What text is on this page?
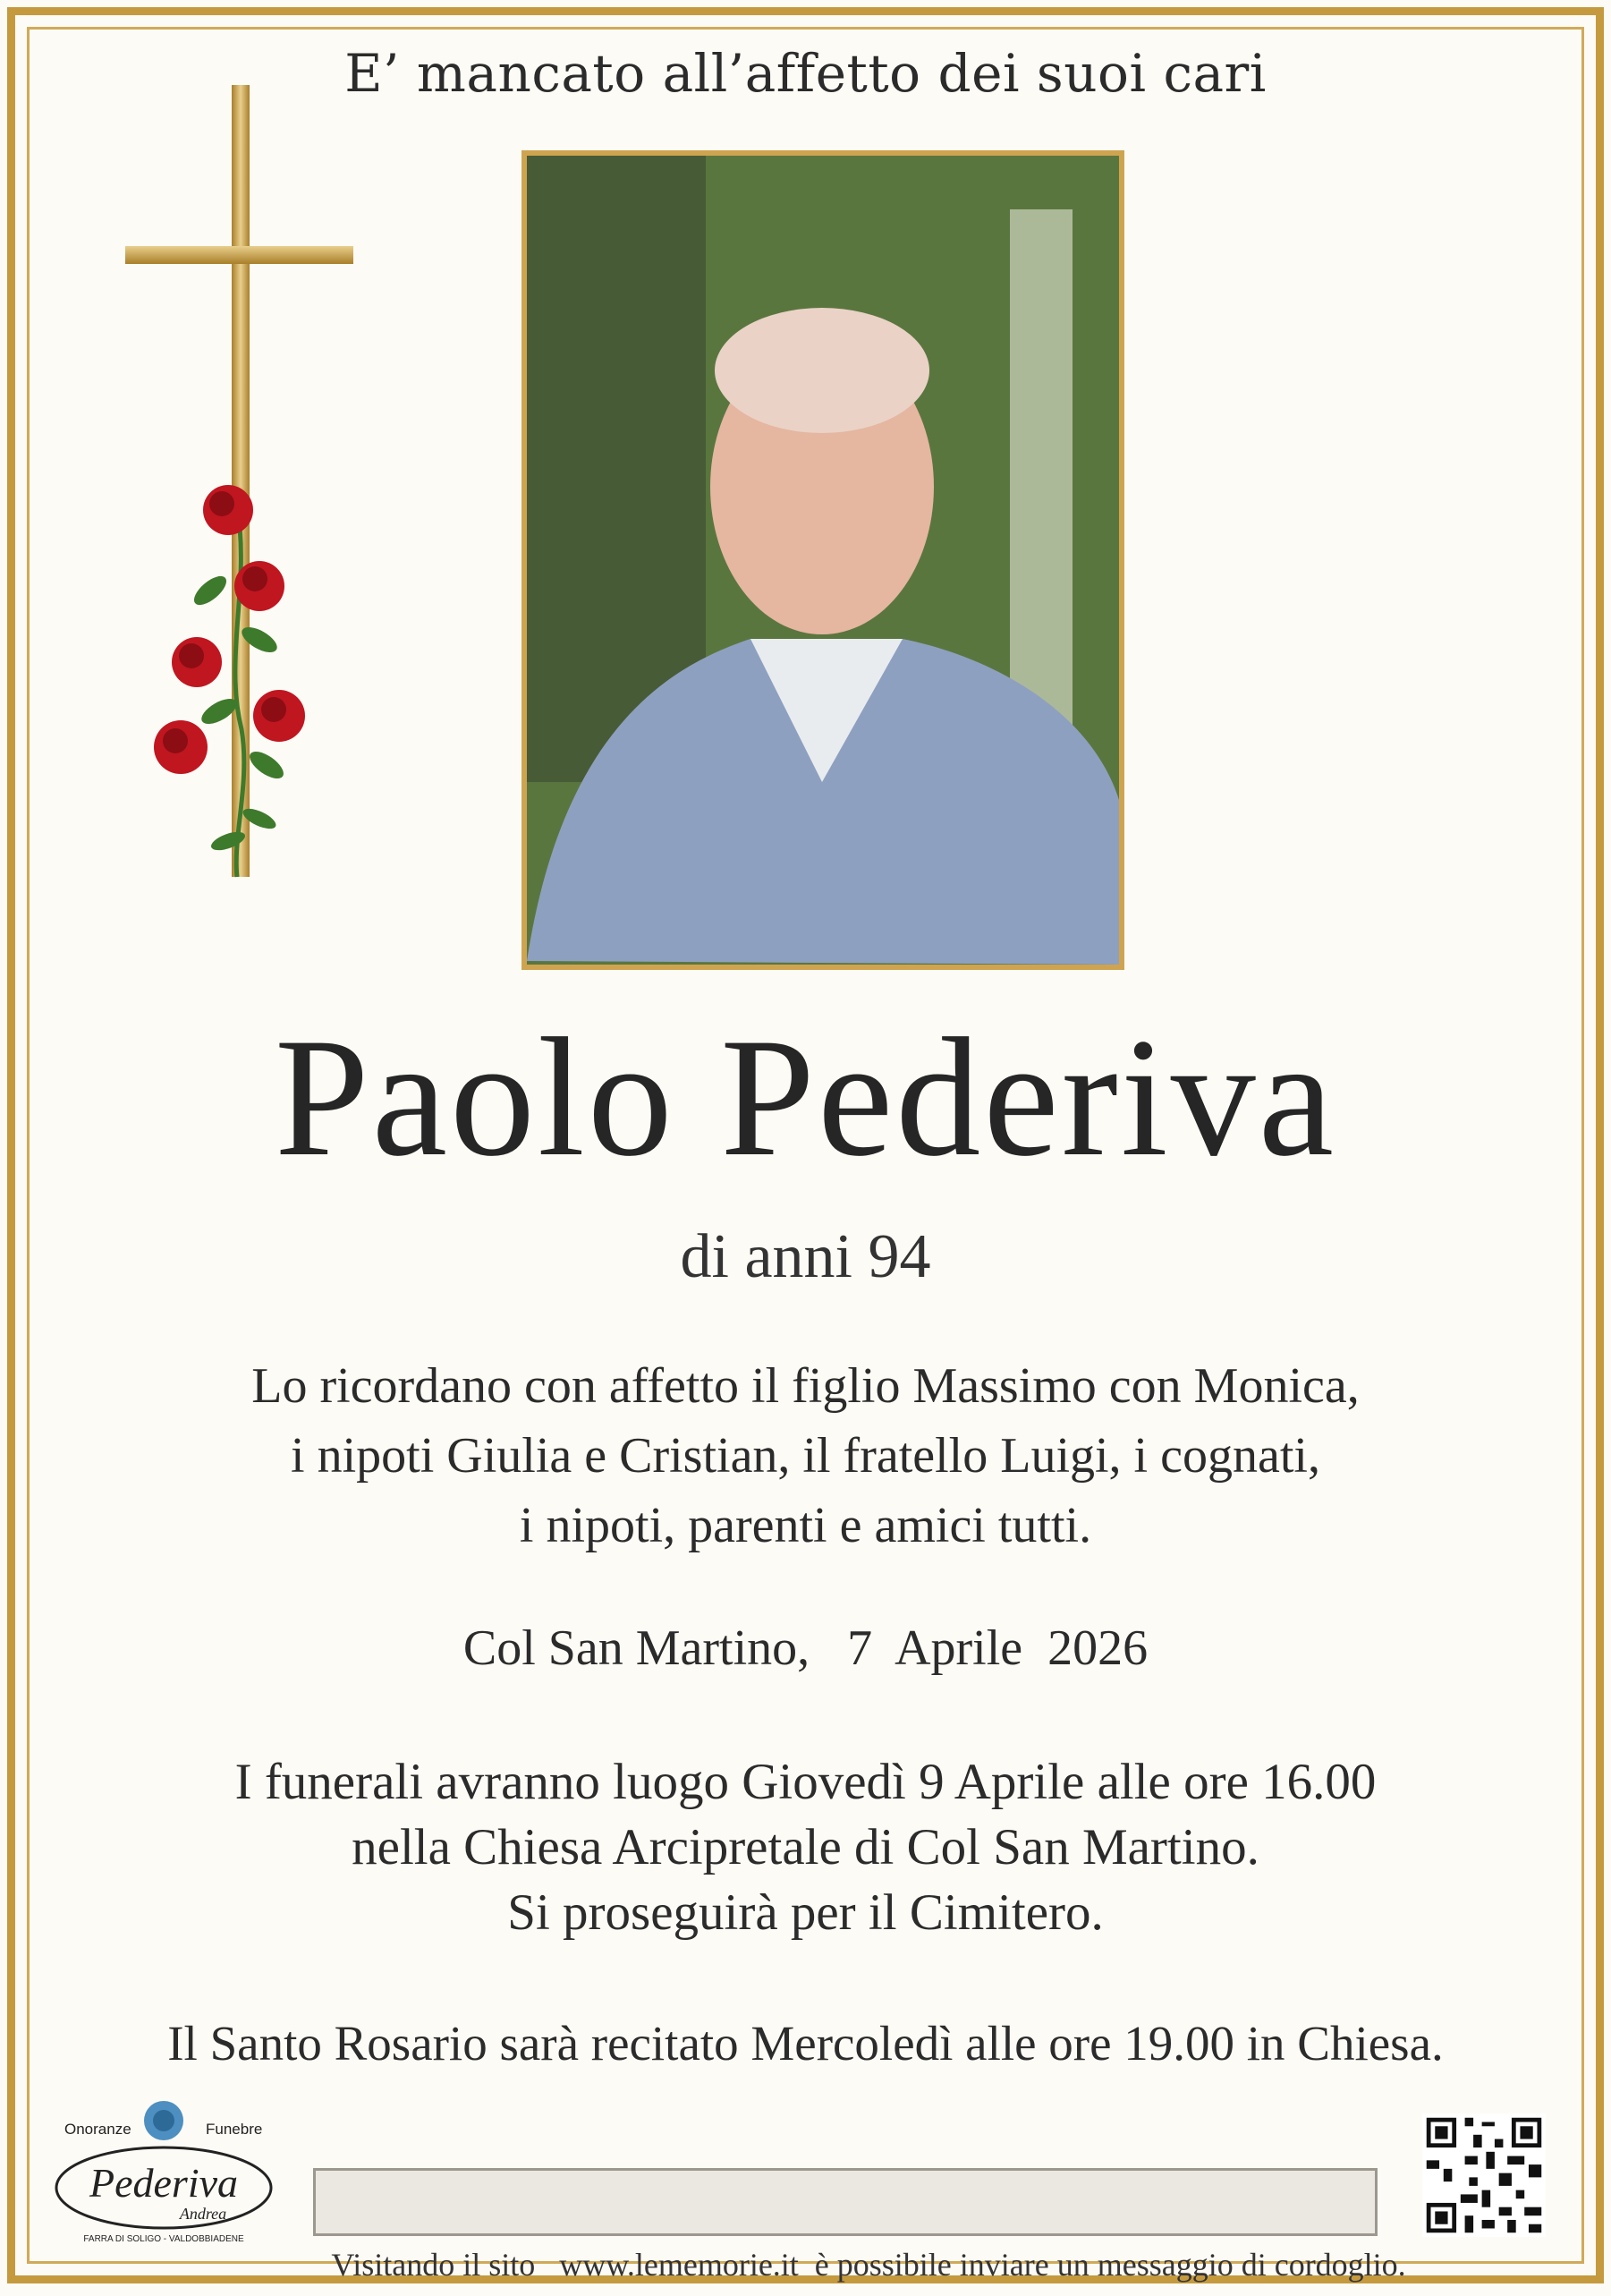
E’ mancato all’affetto dei suoi cari
Paolo Pederiva
di anni 94
Lo ricordano con affetto il figlio Massimo con Monica,
i nipoti Giulia e Cristian, il fratello Luigi, i cognati,
i nipoti, parenti e amici tutti.
Col San Martino,   7  Aprile  2026
I funerali avranno luogo Giovedì 9 Aprile alle ore 16.00
nella Chiesa Arcipretale di Col San Martino.
Si proseguirà per il Cimitero.
Il Santo Rosario sarà recitato Mercoledì alle ore 19.00 in Chiesa.
Onoranze	Funebre
Pederiva
Andrea
FARRA DI SOLIGO - VALDOBBIADENE

Visitando il sito   www.lememorie.it  è possibile inviare un messaggio di cordoglio.
